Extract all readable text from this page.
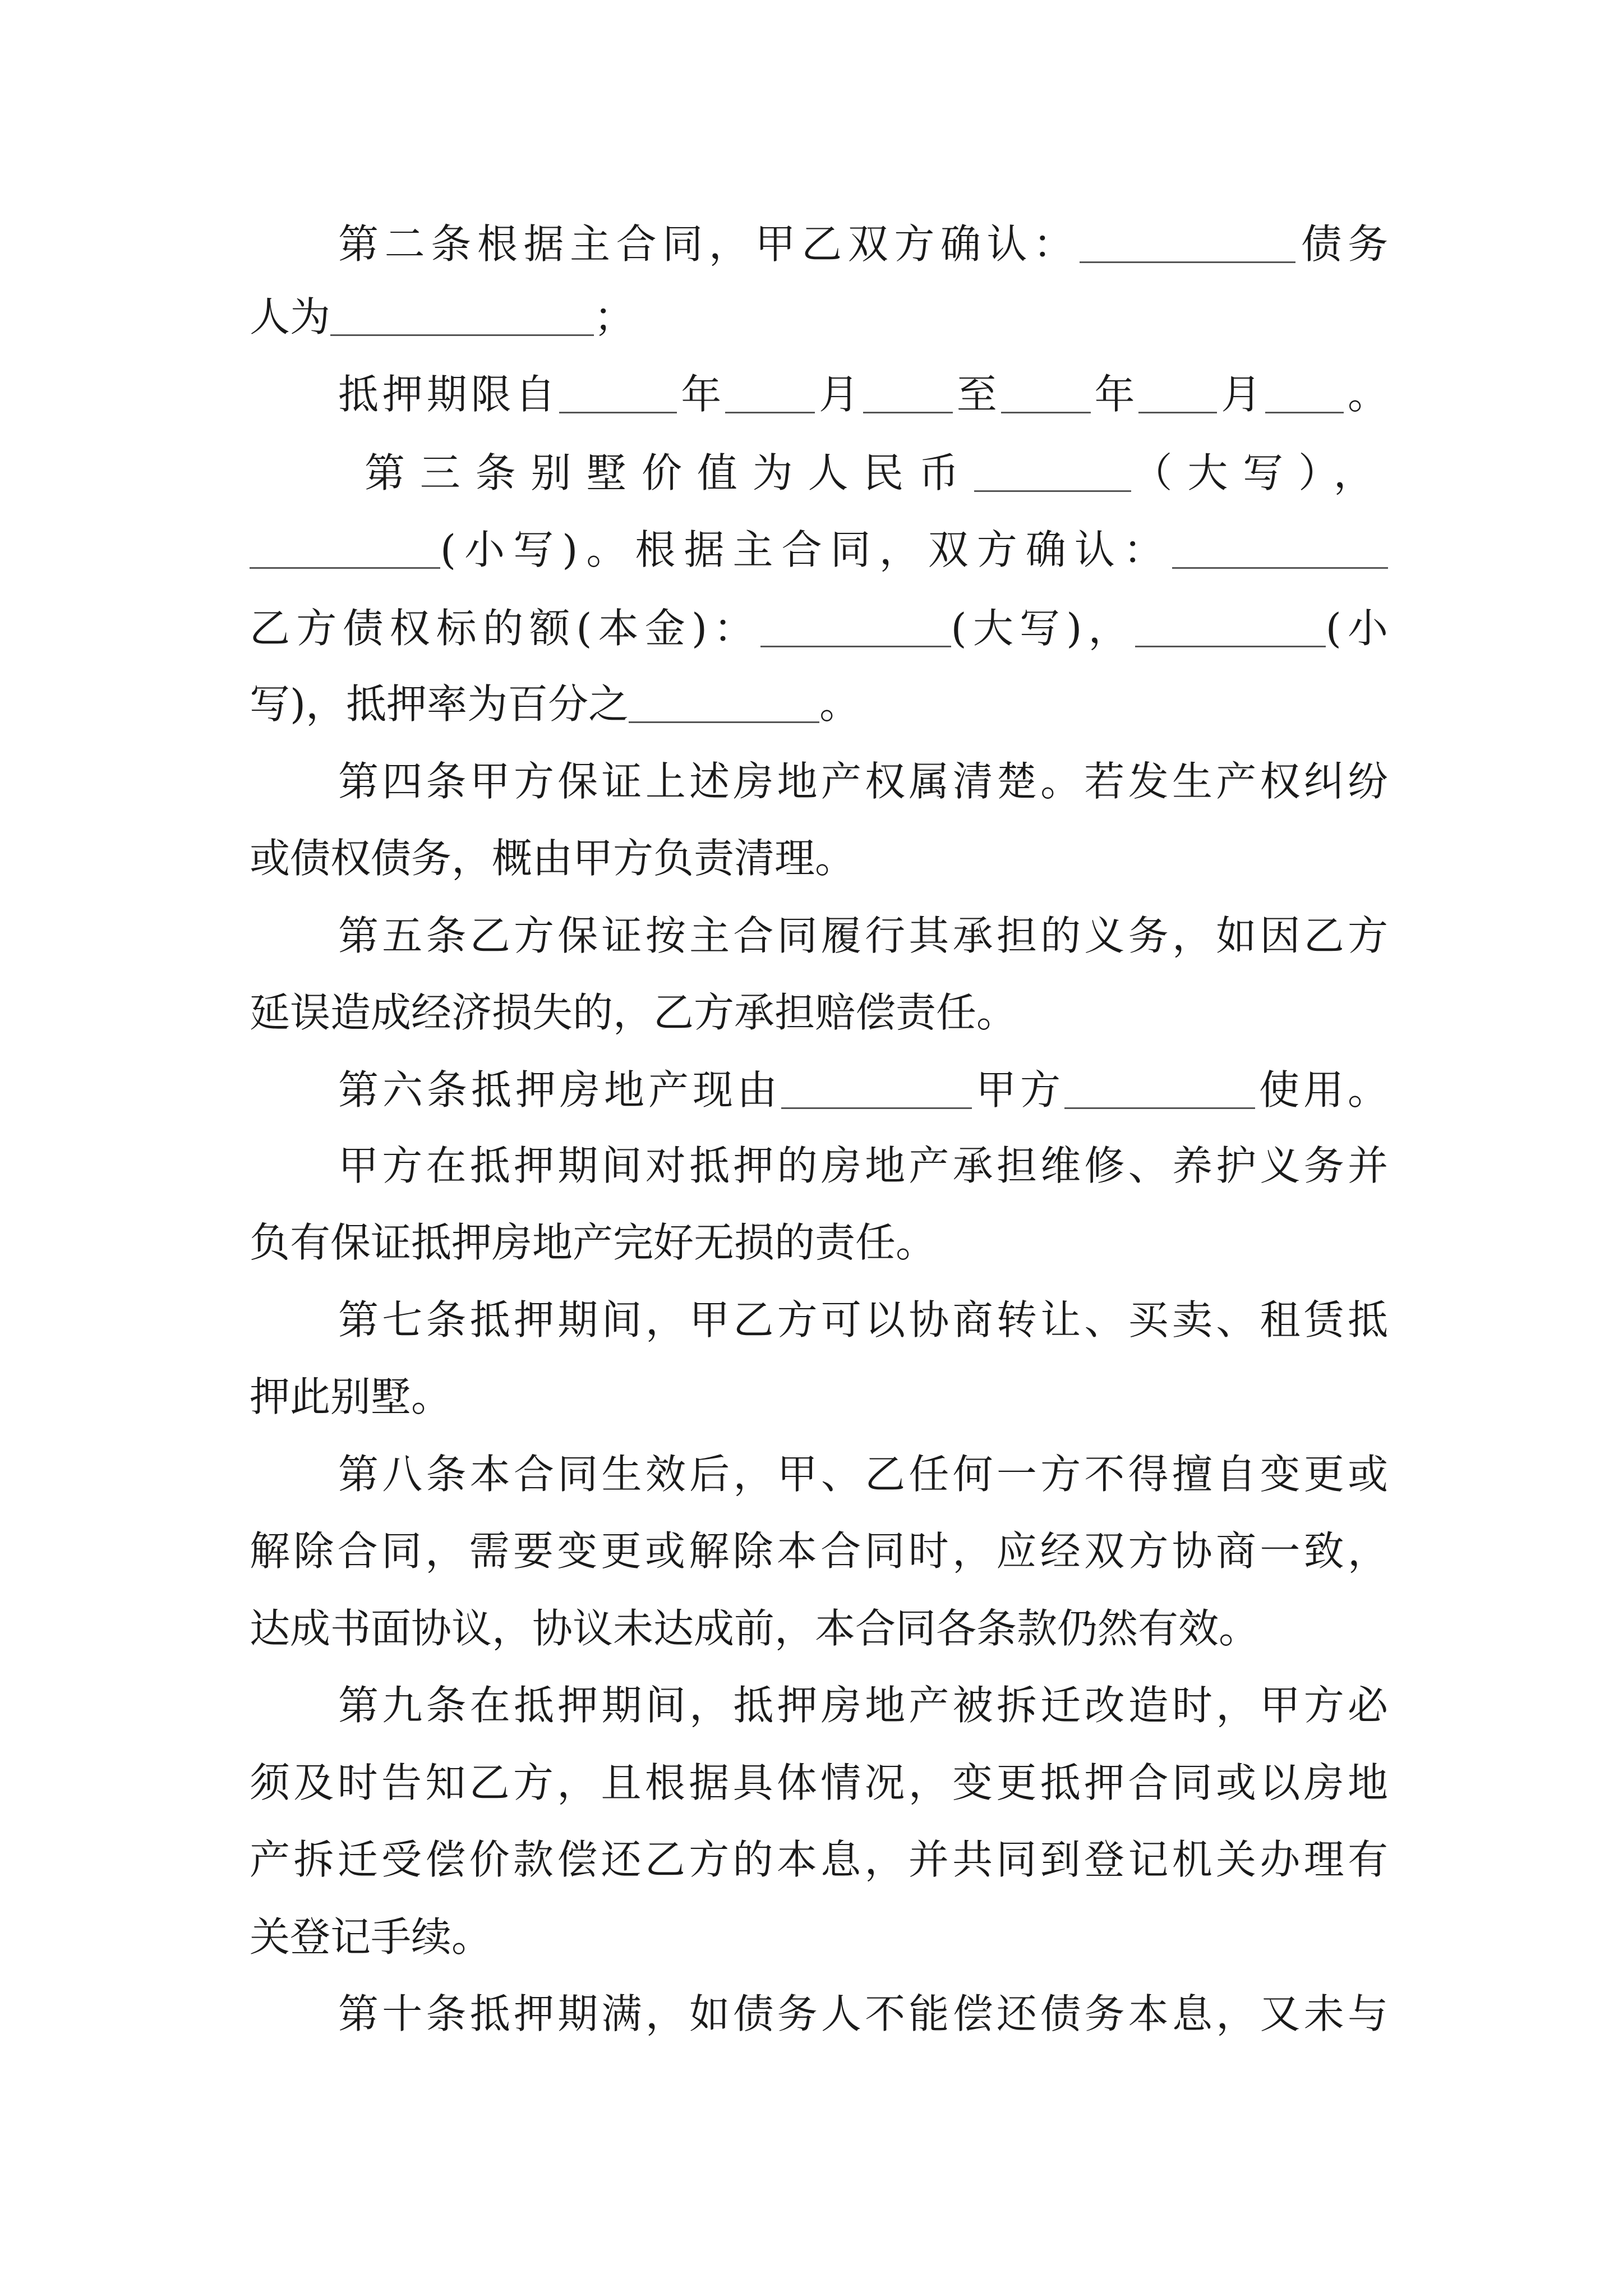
第二条根据主合同，甲乙双方确认：	债务
人为	；
抵押期限自	年 月 至 年 月 。
第三条别墅价值为人民币	（大写），
(小写)。根据主合同，双方确认：
乙方债权标的额(本金)：	(大写)，	(小
写)，抵押率为百分之	。
第四条甲方保证上述房地产权属清楚。若发生产权纠纷
或债权债务，概由甲方负责清理。
第五条乙方保证按主合同履行其承担的义务，如因乙方
延误造成经济损失的，乙方承担赔偿责任。
第六条抵押房地产现由	甲方	使用。
甲方在抵押期间对抵押的房地产承担维修、养护义务并
负有保证抵押房地产完好无损的责任。
第七条抵押期间，甲乙方可以协商转让、买卖、租赁抵
押此别墅。
第八条本合同生效后，甲、乙任何一方不得擅自变更或
解除合同，需要变更或解除本合同时，应经双方协商一致，
达成书面协议，协议未达成前，本合同各条款仍然有效。
第九条在抵押期间，抵押房地产被拆迁改造时，甲方必
须及时告知乙方，且根据具体情况，变更抵押合同或以房地
产拆迁受偿价款偿还乙方的本息，并共同到登记机关办理有
关登记手续。
第十条抵押期满，如债务人不能偿还债务本息，又未与
